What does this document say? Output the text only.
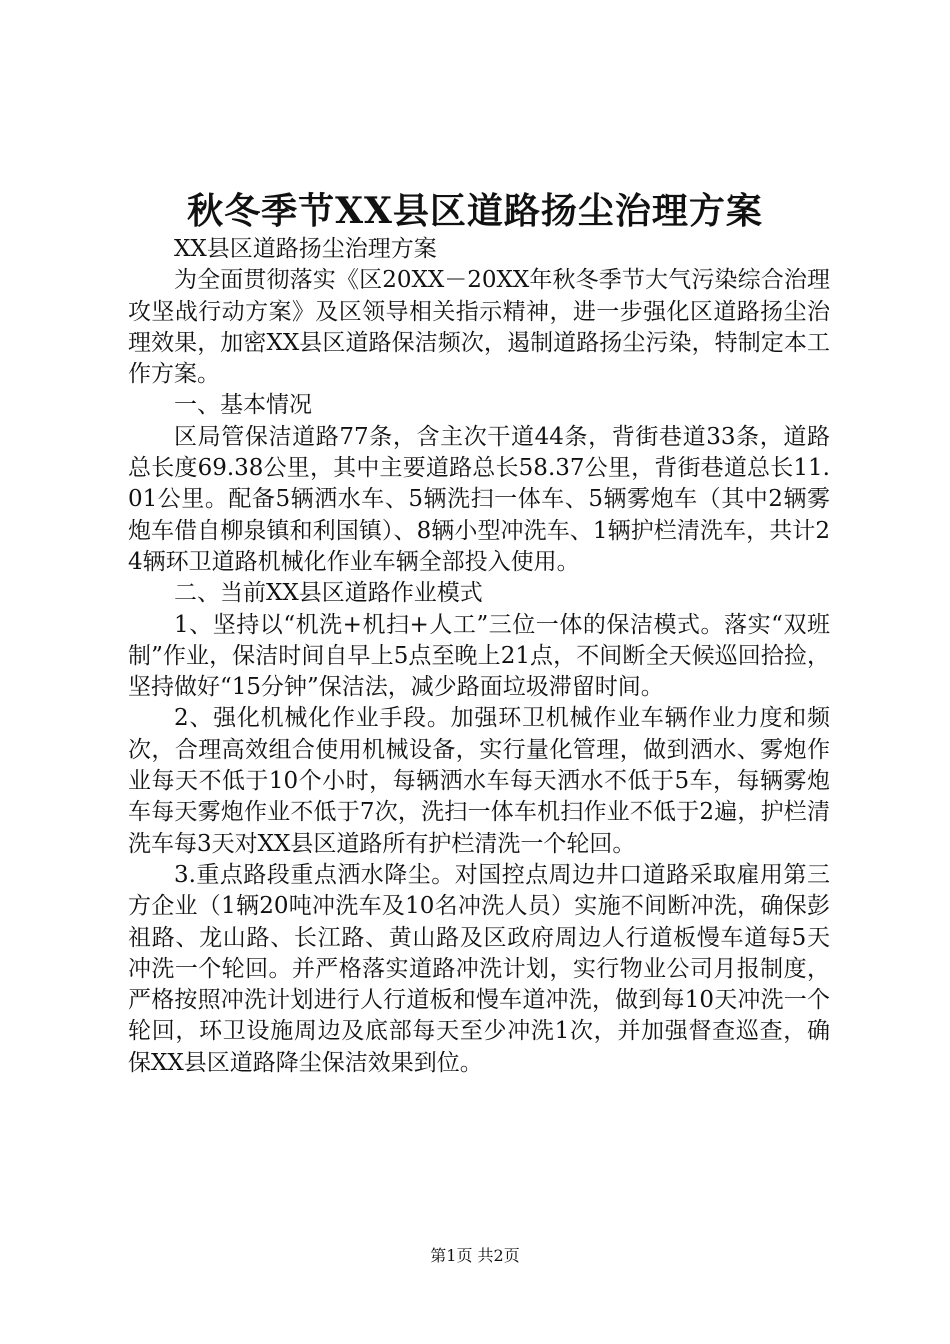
秋冬季节XX县区道路扬尘治理方案

XX县区道路扬尘治理方案

为全面贯彻落实《区20XX－20XX年秋冬季节大气污染综合治理攻坚战行动方案》及区领导相关指示精神，进一步强化区道路扬尘治理效果，加密XX县区道路保洁频次，遏制道路扬尘污染，特制定本工作方案。

一、基本情况

区局管保洁道路77条，含主次干道44条，背街巷道33条，道路总长度69.38公里，其中主要道路总长58.37公里，背街巷道总长11.01公里。配备5辆洒水车、5辆洗扫一体车、5辆雾炮车（其中2辆雾炮车借自柳泉镇和利国镇）、8辆小型冲洗车、1辆护栏清洗车，共计24辆环卫道路机械化作业车辆全部投入使用。

二、当前XX县区道路作业模式

1、坚持以“机洗+机扫+人工”三位一体的保洁模式。落实“双班制”作业，保洁时间自早上5点至晚上21点，不间断全天候巡回拾捡，坚持做好“15分钟”保洁法，减少路面垃圾滞留时间。

2、强化机械化作业手段。加强环卫机械作业车辆作业力度和频次，合理高效组合使用机械设备，实行量化管理，做到洒水、雾炮作业每天不低于10个小时，每辆洒水车每天洒水不低于5车，每辆雾炮车每天雾炮作业不低于7次，洗扫一体车机扫作业不低于2遍，护栏清洗车每3天对XX县区道路所有护栏清洗一个轮回。

3.重点路段重点洒水降尘。对国控点周边井口道路采取雇用第三方企业（1辆20吨冲洗车及10名冲洗人员）实施不间断冲洗，确保彭祖路、龙山路、长江路、黄山路及区政府周边人行道板慢车道每5天冲洗一个轮回。并严格落实道路冲洗计划，实行物业公司月报制度，严格按照冲洗计划进行人行道板和慢车道冲洗，做到每10天冲洗一个轮回，环卫设施周边及底部每天至少冲洗1次，并加强督查巡查，确保XX县区道路降尘保洁效果到位。

第1页 共2页
